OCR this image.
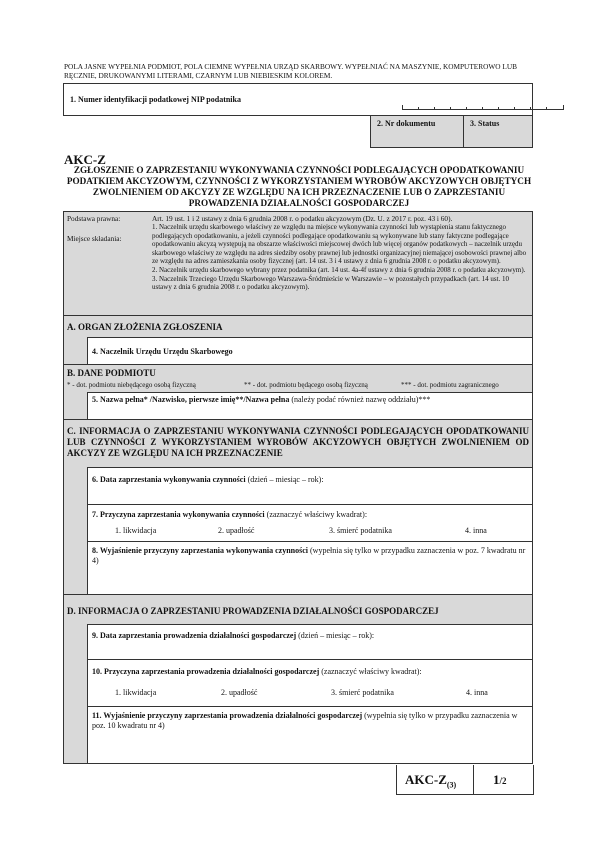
POLA JASNE WYPEŁNIA PODMIOT, POLA CIEMNE WYPEŁNIA URZĄD SKARBOWY. WYPEŁNIAĆ NA MASZYNIE, KOMPUTEROWO LUB RĘCZNIE, DRUKOWANYMI LITERAMI, CZARNYM LUB NIEBIESKIM KOLOREM.
1. Numer identyfikacji podatkowej NIP podatnika
2. Nr dokumentu	3. Status
AKC-Z
ZGŁOSZENIE O ZAPRZESTANIU WYKONYWANIA CZYNNOŚCI PODLEGAJĄCYCH OPODATKOWANIU PODATKIEM AKCYZOWYM, CZYNNOŚCI Z WYKORZYSTANIEM WYROBÓW AKCYZOWYCH OBJĘTYCH ZWOLNIENIEM OD AKCYZY ZE WZGLĘDU NA ICH PRZEZNACZENIE LUB O ZAPRZESTANIU PROWADZENIA DZIAŁALNOŚCI GOSPODARCZEJ
Podstawa prawna:	Art. 19 ust. 1 i 2 ustawy z dnia 6 grudnia 2008 r. o podatku akcyzowym (Dz. U. z 2017 r. poz. 43 i 60).
Miejsce składania:
1. Naczelnik urzędu skarbowego właściwy ze względu na miejsce wykonywania czynności lub wystąpienia stanu faktycznego podlegających opodatkowaniu, a jeżeli czynności podlegające opodatkowaniu są wykonywane lub stany faktyczne podlegające opodatkowaniu akcyzą występują na obszarze właściwości miejscowej dwóch lub więcej organów podatkowych – naczelnik urzędu skarbowego właściwy ze względu na adres siedziby osoby prawnej lub jednostki organizacyjnej niemającej osobowości prawnej albo ze względu na adres zamieszkania osoby fizycznej (art. 14 ust. 3 i 4 ustawy z dnia 6 grudnia 2008 r. o podatku akcyzowym).
2. Naczelnik urzędu skarbowego wybrany przez podatnika (art. 14 ust. 4a-4f ustawy z dnia 6 grudnia 2008 r. o podatku akcyzowym).
3. Naczelnik Trzeciego Urzędu Skarbowego Warszawa-Śródmieście w Warszawie – w pozostałych przypadkach (art. 14 ust. 10 ustawy z dnia 6 grudnia 2008 r. o podatku akcyzowym).
A. ORGAN ZŁOŻENIA ZGŁOSZENIA
4. Naczelnik Urzędu Urzędu Skarbowego
B. DANE PODMIOTU
* - dot. podmiotu niebędącego osobą fizyczną	** - dot. podmiotu będącego osobą fizyczną	*** - dot. podmiotu zagranicznego
5. Nazwa pełna* /Nazwisko, pierwsze imię**/Nazwa pełna (należy podać również nazwę oddziału)***
C. INFORMACJA O ZAPRZESTANIU WYKONYWANIA CZYNNOŚCI PODLEGAJĄCYCH OPODATKOWANIU LUB CZYNNOŚCI Z WYKORZYSTANIEM WYROBÓW AKCYZOWYCH OBJĘTYCH ZWOLNIENIEM OD AKCYZY ZE WZGLĘDU NA ICH PRZEZNACZENIE
6. Data zaprzestania wykonywania czynności (dzień – miesiąc – rok):
7. Przyczyna zaprzestania wykonywania czynności (zaznaczyć właściwy kwadrat):
1. likwidacja	2. upadłość	3. śmierć podatnika	4. inna
8. Wyjaśnienie przyczyny zaprzestania wykonywania czynności (wypełnia się tylko w przypadku zaznaczenia w poz. 7 kwadratu nr 4)
D. INFORMACJA O ZAPRZESTANIU PROWADZENIA DZIAŁALNOŚCI GOSPODARCZEJ
9. Data zaprzestania prowadzenia działalności gospodarczej (dzień – miesiąc – rok):
10. Przyczyna zaprzestania prowadzenia działalności gospodarczej (zaznaczyć właściwy kwadrat):
1. likwidacja	2. upadłość	3. śmierć podatnika	4. inna
11. Wyjaśnienie przyczyny zaprzestania prowadzenia działalności gospodarczej (wypełnia się tylko w przypadku zaznaczenia w poz. 10 kwadratu nr 4)
AKC-$Z_{(3)}$	1/2
